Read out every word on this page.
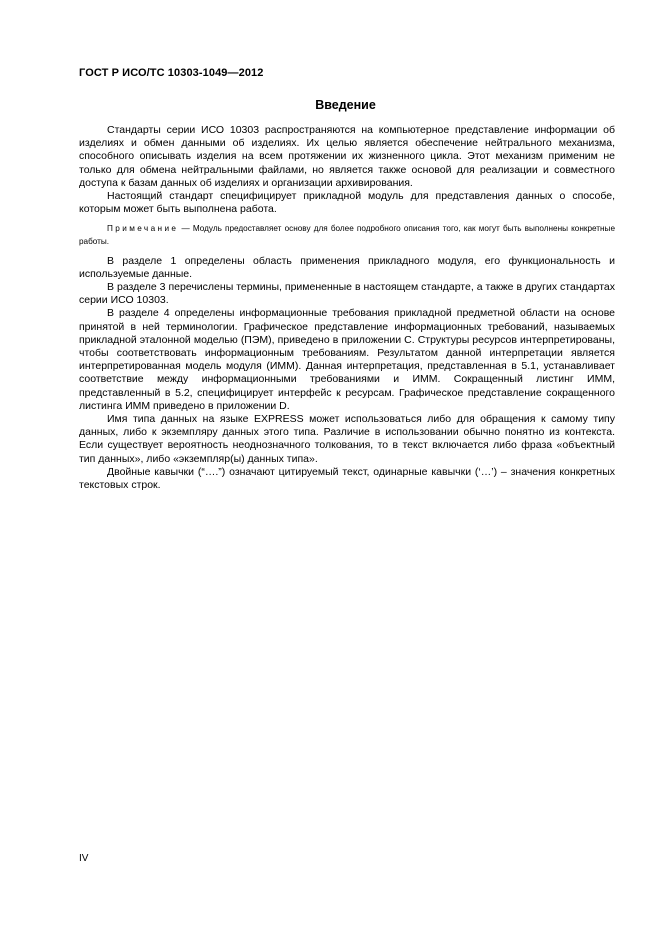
ГОСТ Р ИСО/ТС 10303-1049—2012
Введение

Стандарты серии ИСО 10303 распространяются на компьютерное представление информации об изделиях и обмен данными об изделиях. Их целью является обеспечение нейтрального механизма, способного описывать изделия на всем протяжении их жизненного цикла. Этот механизм применим не только для обмена нейтральными файлами, но является также основой для реализации и совместного доступа к базам данных об изделиях и организации архивирования.

Настоящий стандарт специфицирует прикладной модуль для представления данных о способе, которым может быть выполнена работа.

Примечание — Модуль предоставляет основу для более подробного описания того, как могут быть выполнены конкретные работы.

В разделе 1 определены область применения прикладного модуля, его функциональность и используемые данные.

В разделе 3 перечислены термины, примененные в настоящем стандарте, а также в других стандартах серии ИСО 10303.

В разделе 4 определены информационные требования прикладной предметной области на основе принятой в ней терминологии. Графическое представление информационных требований, называемых прикладной эталонной моделью (ПЭМ), приведено в приложении С. Структуры ресурсов интерпретированы, чтобы соответствовать информационным требованиям. Результатом данной интерпретации является интерпретированная модель модуля (ИММ). Данная интерпретация, представленная в 5.1, устанавливает соответствие между информационными требованиями и ИММ. Сокращенный листинг ИММ, представленный в 5.2, специфицирует интерфейс к ресурсам. Графическое представление сокращенного листинга ИММ приведено в приложении D.

Имя типа данных на языке EXPRESS может использоваться либо для обращения к самому типу данных, либо к экземпляру данных этого типа. Различие в использовании обычно понятно из контекста. Если существует вероятность неоднозначного толкования, то в текст включается либо фраза «объектный тип данных», либо «экземпляр(ы) данных типа».

Двойные кавычки (“….”) означают цитируемый текст, одинарные кавычки (‘…’) – значения конкретных текстовых строк.

IV
